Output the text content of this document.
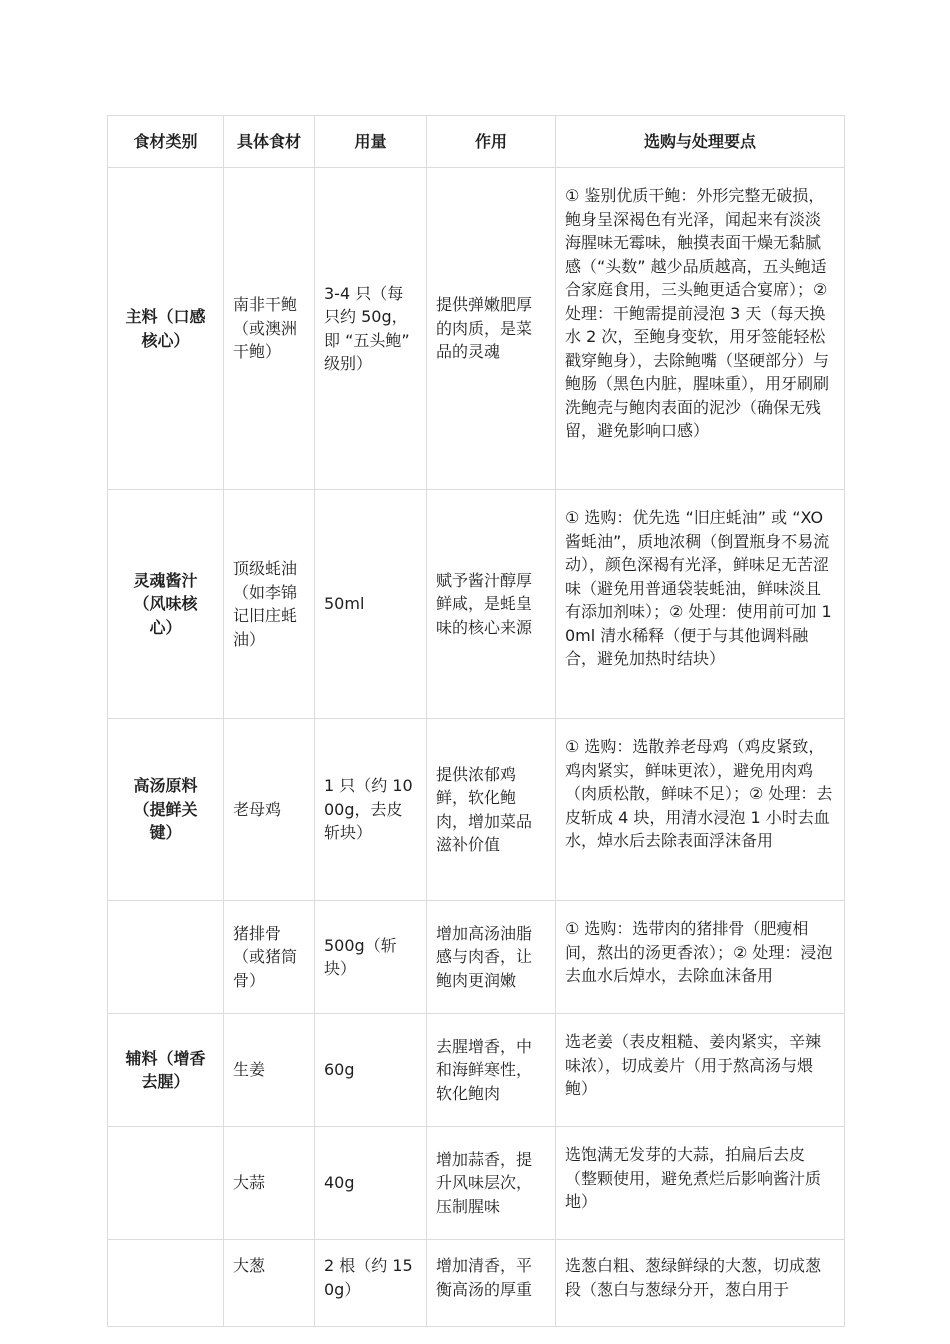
食材类别	具体食材	用量	作用	选购与处理要点
主料（口感核心）	南非干鲍（或澳洲干鲍）	3-4 只（每只约 50g，即 “五头鲍” 级别）	提供弹嫩肥厚的肉质，是菜品的灵魂	① 鉴别优质干鲍：外形完整无破损，鲍身呈深褐色有光泽，闻起来有淡淡海腥味无霉味，触摸表面干燥无黏腻感（“头数” 越少品质越高，五头鲍适合家庭食用，三头鲍更适合宴席）；② 处理：干鲍需提前浸泡 3 天（每天换水 2 次，至鲍身变软，用牙签能轻松戳穿鲍身），去除鲍嘴（坚硬部分）与鲍肠（黑色内脏，腥味重），用牙刷刷洗鲍壳与鲍肉表面的泥沙（确保无残留，避免影响口感）
灵魂酱汁（风味核心）	顶级蚝油（如李锦记旧庄蚝油）	50ml	赋予酱汁醇厚鲜咸，是蚝皇味的核心来源	① 选购：优先选 “旧庄蚝油” 或 “XO 酱蚝油”，质地浓稠（倒置瓶身不易流动），颜色深褐有光泽，鲜味足无苦涩味（避免用普通袋装蚝油，鲜味淡且有添加剂味）；② 处理：使用前可加 10ml 清水稀释（便于与其他调料融合，避免加热时结块）
高汤原料（提鲜关键）	老母鸡	1 只（约 1000g，去皮斩块）	提供浓郁鸡鲜，软化鲍肉，增加菜品滋补价值	① 选购：选散养老母鸡（鸡皮紧致，鸡肉紧实，鲜味更浓），避免用肉鸡（肉质松散，鲜味不足）；② 处理：去皮斩成 4 块，用清水浸泡 1 小时去血水，焯水后去除表面浮沫备用
	猪排骨（或猪筒骨）	500g（斩块）	增加高汤油脂感与肉香，让鲍肉更润嫩	① 选购：选带肉的猪排骨（肥瘦相间，熬出的汤更香浓）；② 处理：浸泡去血水后焯水，去除血沫备用
辅料（增香去腥）	生姜	60g	去腥增香，中和海鲜寒性，软化鲍肉	选老姜（表皮粗糙、姜肉紧实，辛辣味浓），切成姜片（用于熬高汤与煨鲍）
	大蒜	40g	增加蒜香，提升风味层次，压制腥味	选饱满无发芽的大蒜，拍扁后去皮（整颗使用，避免煮烂后影响酱汁质地）
	大葱	2 根（约 150g）	增加清香，平衡高汤的厚重	选葱白粗、葱绿鲜绿的大葱，切成葱段（葱白与葱绿分开，葱白用于
